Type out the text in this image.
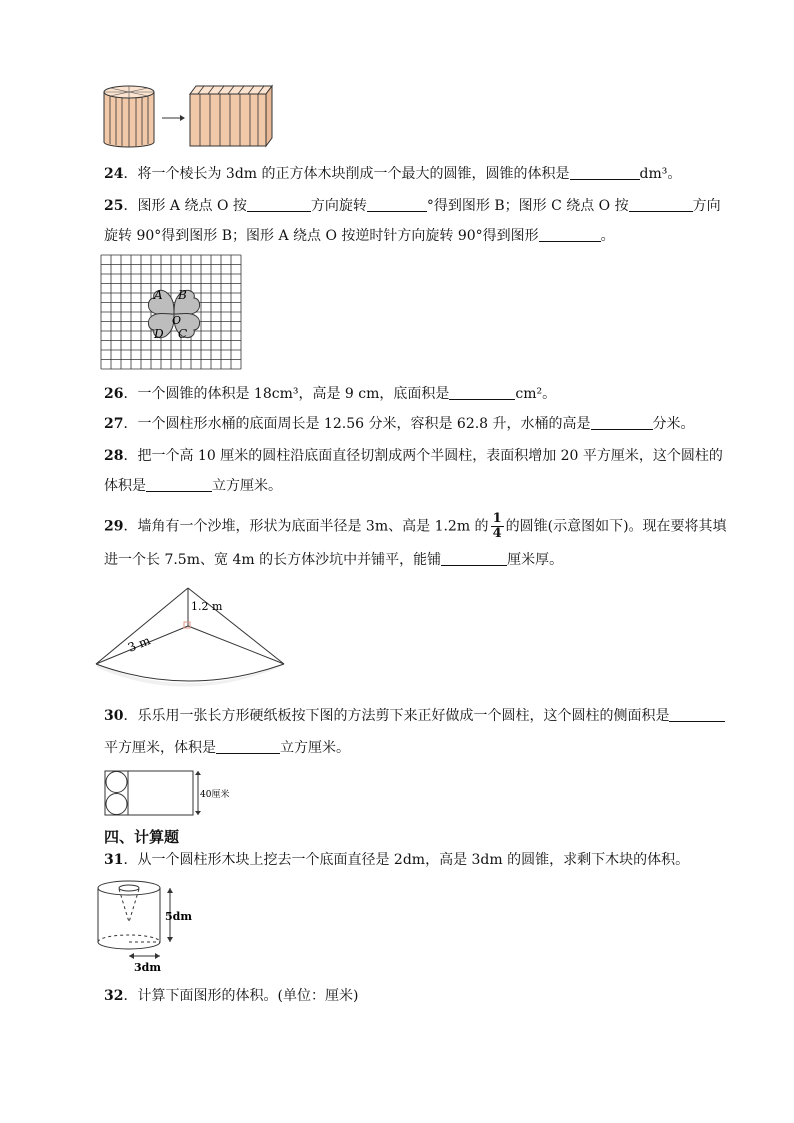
24．将一个棱长为 3dm 的正方体木块削成一个最大的圆锥，圆锥的体积是	dm³。
25．图形 A 绕点 O 按	方向旋转	°得到图形 B；图形 C 绕点 O 按	方向
旋转 90°得到图形 B；图形 A 绕点 O 按逆时针方向旋转 90°得到图形	。
A B
O
D C
26．一个圆锥的体积是 18cm³，高是 9 cm，底面积是	cm²。
27．一个圆柱形水桶的底面周长是 12.56 分米，容积是 62.8 升，水桶的高是	分米。
28．把一个高 10 厘米的圆柱沿底面直径切割成两个半圆柱，表面积增加 20 平方厘米，这个圆柱的
体积是	立方厘米。
29．墙角有一个沙堆，形状为底面半径是 3m、高是 1.2m 的 $\frac{1}{4}$ 的圆锥(示意图如下)。现在要将其填
进一个长 7.5m、宽 4m 的长方体沙坑中并铺平，能铺	厘米厚。
1.2 m
3 m
30．乐乐用一张长方形硬纸板按下图的方法剪下来正好做成一个圆柱，这个圆柱的侧面积是
平方厘米，体积是	立方厘米。
40厘米
四、计算题
31．从一个圆柱形木块上挖去一个底面直径是 2dm，高是 3dm 的圆锥，求剩下木块的体积。
5dm
3dm
32．计算下面图形的体积。(单位：厘米)
